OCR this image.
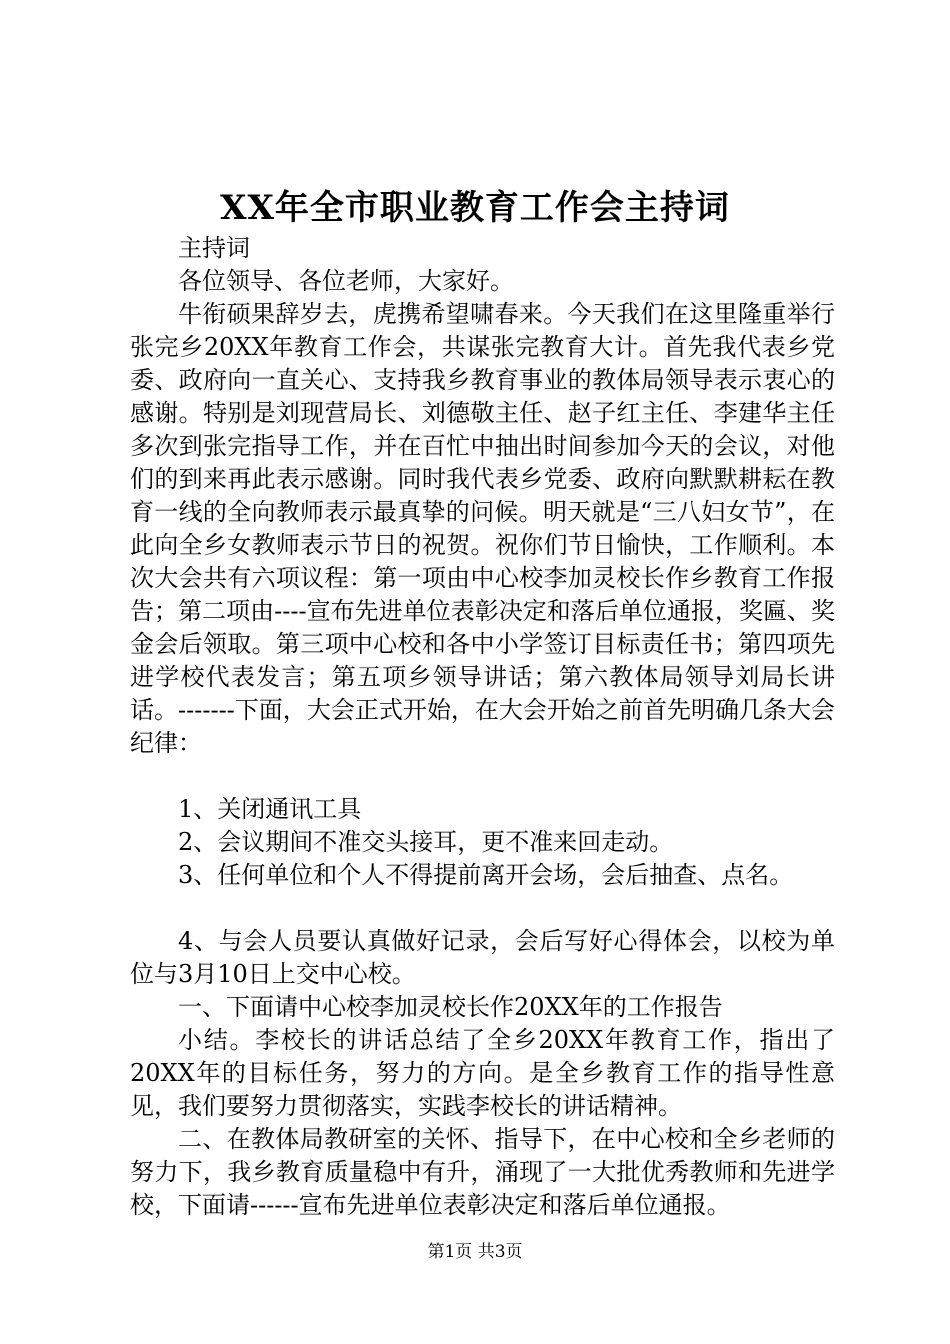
XX年全市职业教育工作会主持词

主持词

各位领导、各位老师，大家好。

牛衔硕果辞岁去，虎携希望啸春来。今天我们在这里隆重举行张完乡20XX年教育工作会，共谋张完教育大计。首先我代表乡党委、政府向一直关心、支持我乡教育事业的教体局领导表示衷心的感谢。特别是刘现营局长、刘德敬主任、赵子红主任、李建华主任多次到张完指导工作，并在百忙中抽出时间参加今天的会议，对他们的到来再此表示感谢。同时我代表乡党委、政府向默默耕耘在教育一线的全向教师表示最真挚的问候。明天就是“三八妇女节”，在此向全乡女教师表示节日的祝贺。祝你们节日愉快，工作顺利。本次大会共有六项议程：第一项由中心校李加灵校长作乡教育工作报告；第二项由----宣布先进单位表彰决定和落后单位通报，奖匾、奖金会后领取。第三项中心校和各中小学签订目标责任书；第四项先进学校代表发言；第五项乡领导讲话；第六教体局领导刘局长讲话。-------下面，大会正式开始，在大会开始之前首先明确几条大会纪律：

1、关闭通讯工具

2、会议期间不准交头接耳，更不准来回走动。

3、任何单位和个人不得提前离开会场，会后抽查、点名。

4、与会人员要认真做好记录，会后写好心得体会，以校为单位与3月10日上交中心校。

一、下面请中心校李加灵校长作20XX年的工作报告

小结。李校长的讲话总结了全乡20XX年教育工作，指出了20XX年的目标任务，努力的方向。是全乡教育工作的指导性意见，我们要努力贯彻落实，实践李校长的讲话精神。

二、在教体局教研室的关怀、指导下，在中心校和全乡老师的努力下，我乡教育质量稳中有升，涌现了一大批优秀教师和先进学校，下面请------宣布先进单位表彰决定和落后单位通报。

第1页 共3页
